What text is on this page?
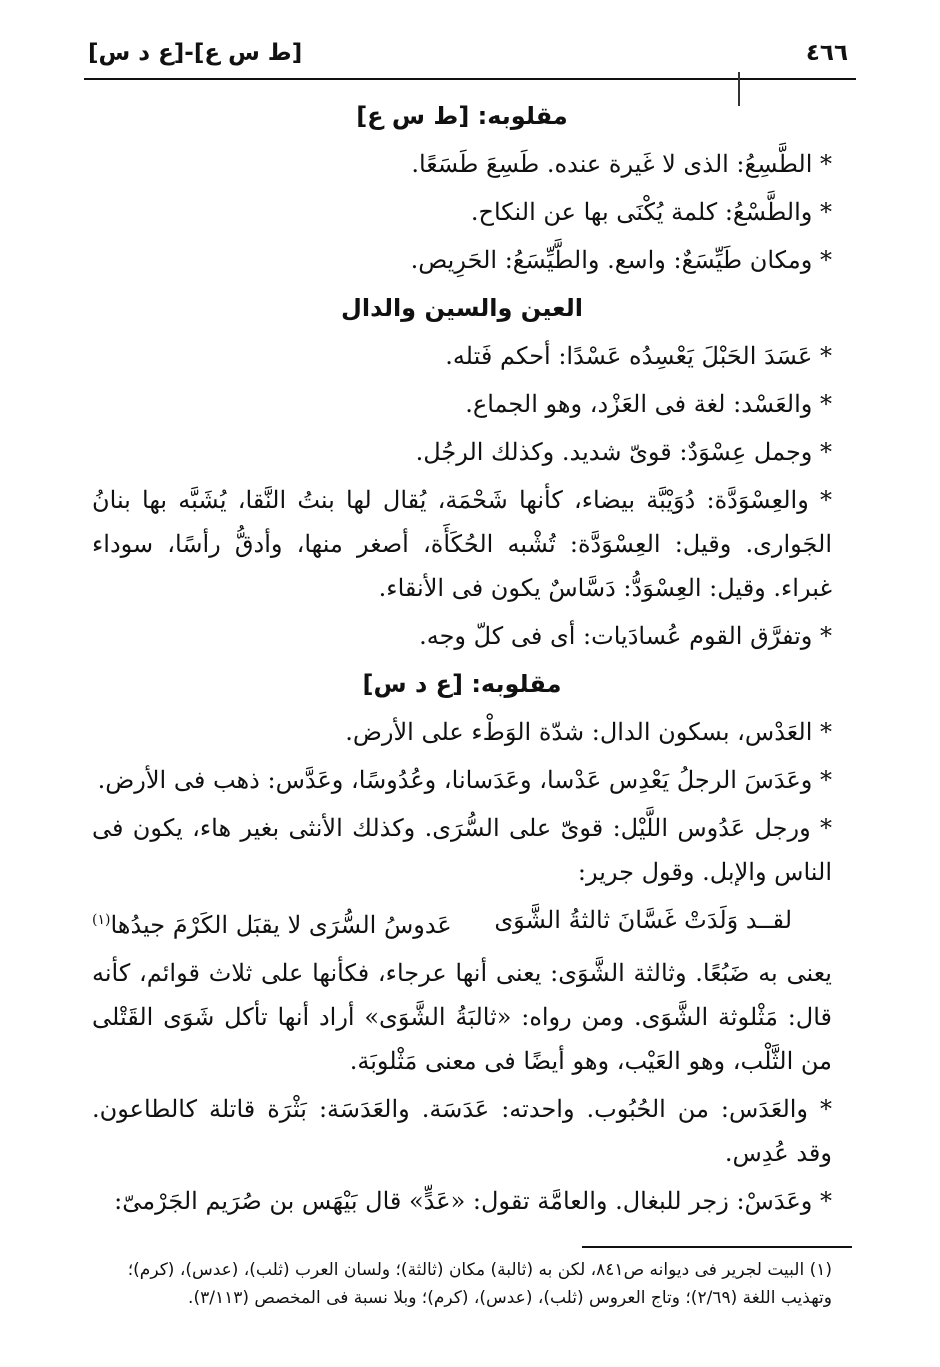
٤٦٦
[ط س ع]-[ع د س]
مقلوبه: [ط س ع]

* الطَّسِعُ: الذى لا غَيرة عنده. طَسِعَ طَسَعًا.

* والطَّسْعُ: كلمة يُكْنَى بها عن النكاح.

* ومكان طَيِّسَعٌ: واسع. والطَّيِّسَعُ: الحَرِيص.

العين والسين والدال

* عَسَدَ الحَبْلَ يَعْسِدُه عَسْدًا: أحكم فَتله.

* والعَسْد: لغة فى العَزْد، وهو الجماع.

* وجمل عِسْوَدٌ: قوىّ شديد. وكذلك الرجُل.

* والعِسْوَدَّة: دُوَيْبَّة بيضاء، كأنها شَحْمَة، يُقال لها بنتُ النَّقا، يُشَبَّه بها بنانُ الجَوارى. وقيل: العِسْوَدَّة: تُشْبه الحُكَأَة، أصغر منها، وأدقُّ رأسًا، سوداء غبراء. وقيل: العِسْوَدُّ: دَسَّاسٌ يكون فى الأنقاء.

* وتفرَّق القوم عُسادَيات: أى فى كلّ وجه.

مقلوبه: [ع د س]

* العَدْس، بسكون الدال: شدّة الوَطْء على الأرض.

* وعَدَسَ الرجلُ يَعْدِس عَدْسا، وعَدَسانا، وعُدُوسًا، وعَدَّس: ذهب فى الأرض.

* ورجل عَدُوس اللَّيْل: قوىّ على السُّرَى. وكذلك الأنثى بغير هاء، يكون فى الناس والإبل. وقول جرير:

لقــد وَلَدَتْ غَسَّانَ ثالثةُ الشَّوَى
عَدوسُ السُّرَى لا يقبَل الكَرْمَ جيدُها$^{(١)}$

يعنى به ضَبُعًا. وثالثة الشَّوَى: يعنى أنها عرجاء، فكأنها على ثلاث قوائم، كأنه قال: مَثْلوثة الشَّوَى. ومن رواه: «ثالبَةُ الشَّوَى» أراد أنها تأكل شَوَى القَتْلى من الثَّلْب، وهو العَيْب، وهو أيضًا فى معنى مَثْلوبَة.

* والعَدَس: من الحُبُوب. واحدته: عَدَسَة. والعَدَسَة: بَثْرَة قاتلة كالطاعون. وقد عُدِس.

* وعَدَسْ: زجر للبغال. والعامَّة تقول: «عَدٍّ» قال بَيْهَس بن صُرَيم الجَرْمىّ:

(١) البيت لجرير فى ديوانه ص٨٤١، لكن به (ثالبة) مكان (ثالثة)؛ ولسان العرب (ثلب)، (عدس)، (كرم)؛ وتهذيب اللغة (٢/٦٩)؛ وتاج العروس (ثلب)، (عدس)، (كرم)؛ وبلا نسبة فى المخصص (٣/١١٣).
